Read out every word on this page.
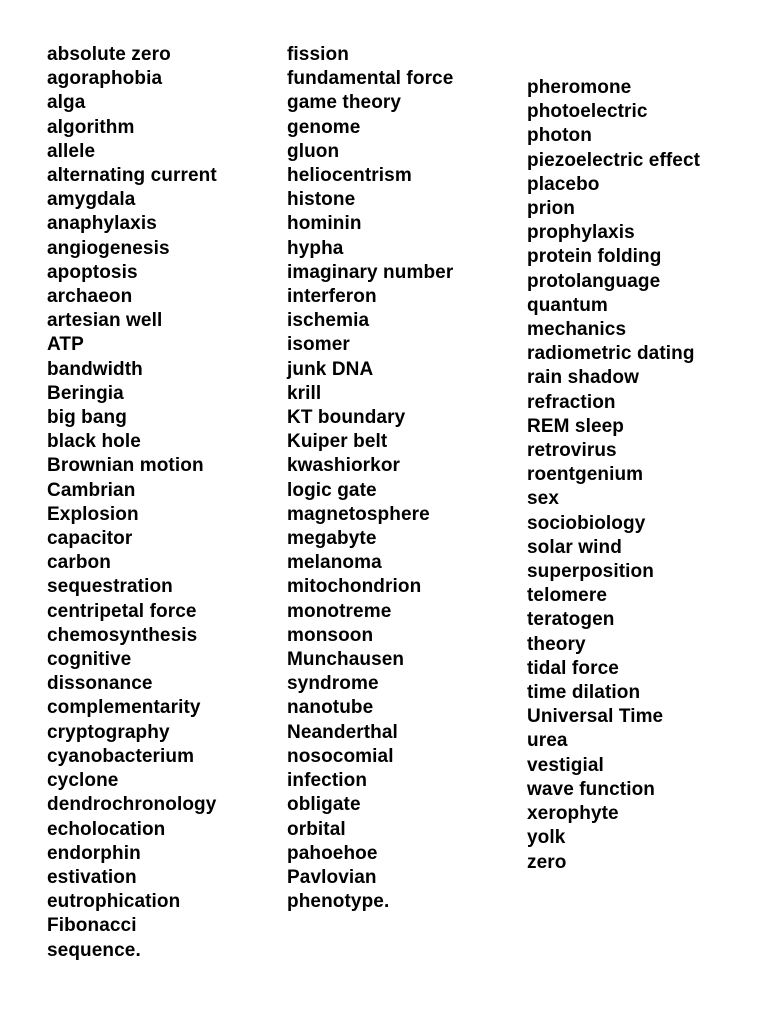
absolute zero
agoraphobia
alga
algorithm
allele
alternating current
amygdala
anaphylaxis
angiogenesis
apoptosis
archaeon
artesian well
ATP
bandwidth
Beringia
big bang
black hole
Brownian motion
Cambrian
Explosion
capacitor
carbon
sequestration
centripetal force
chemosynthesis
cognitive
dissonance
complementarity
cryptography
cyanobacterium
cyclone
dendrochronology
echolocation
endorphin
estivation
eutrophication
Fibonacci
sequence.
fission
fundamental force
game theory
genome
gluon
heliocentrism
histone
hominin
hypha
imaginary number
interferon
ischemia
isomer
junk DNA
krill
KT boundary
Kuiper belt
kwashiorkor
logic gate
magnetosphere
megabyte
melanoma
mitochondrion
monotreme
monsoon
Munchausen
syndrome
nanotube
Neanderthal
nosocomial
infection
obligate
orbital
pahoehoe
Pavlovian
phenotype.
pheromone
photoelectric
photon
piezoelectric effect
placebo
prion
prophylaxis
protein folding
protolanguage
quantum
mechanics
radiometric dating
rain shadow
refraction
REM sleep
retrovirus
roentgenium
sex
sociobiology
solar wind
superposition
telomere
teratogen
theory
tidal force
time dilation
Universal Time
urea
vestigial
wave function
xerophyte
yolk
zero
